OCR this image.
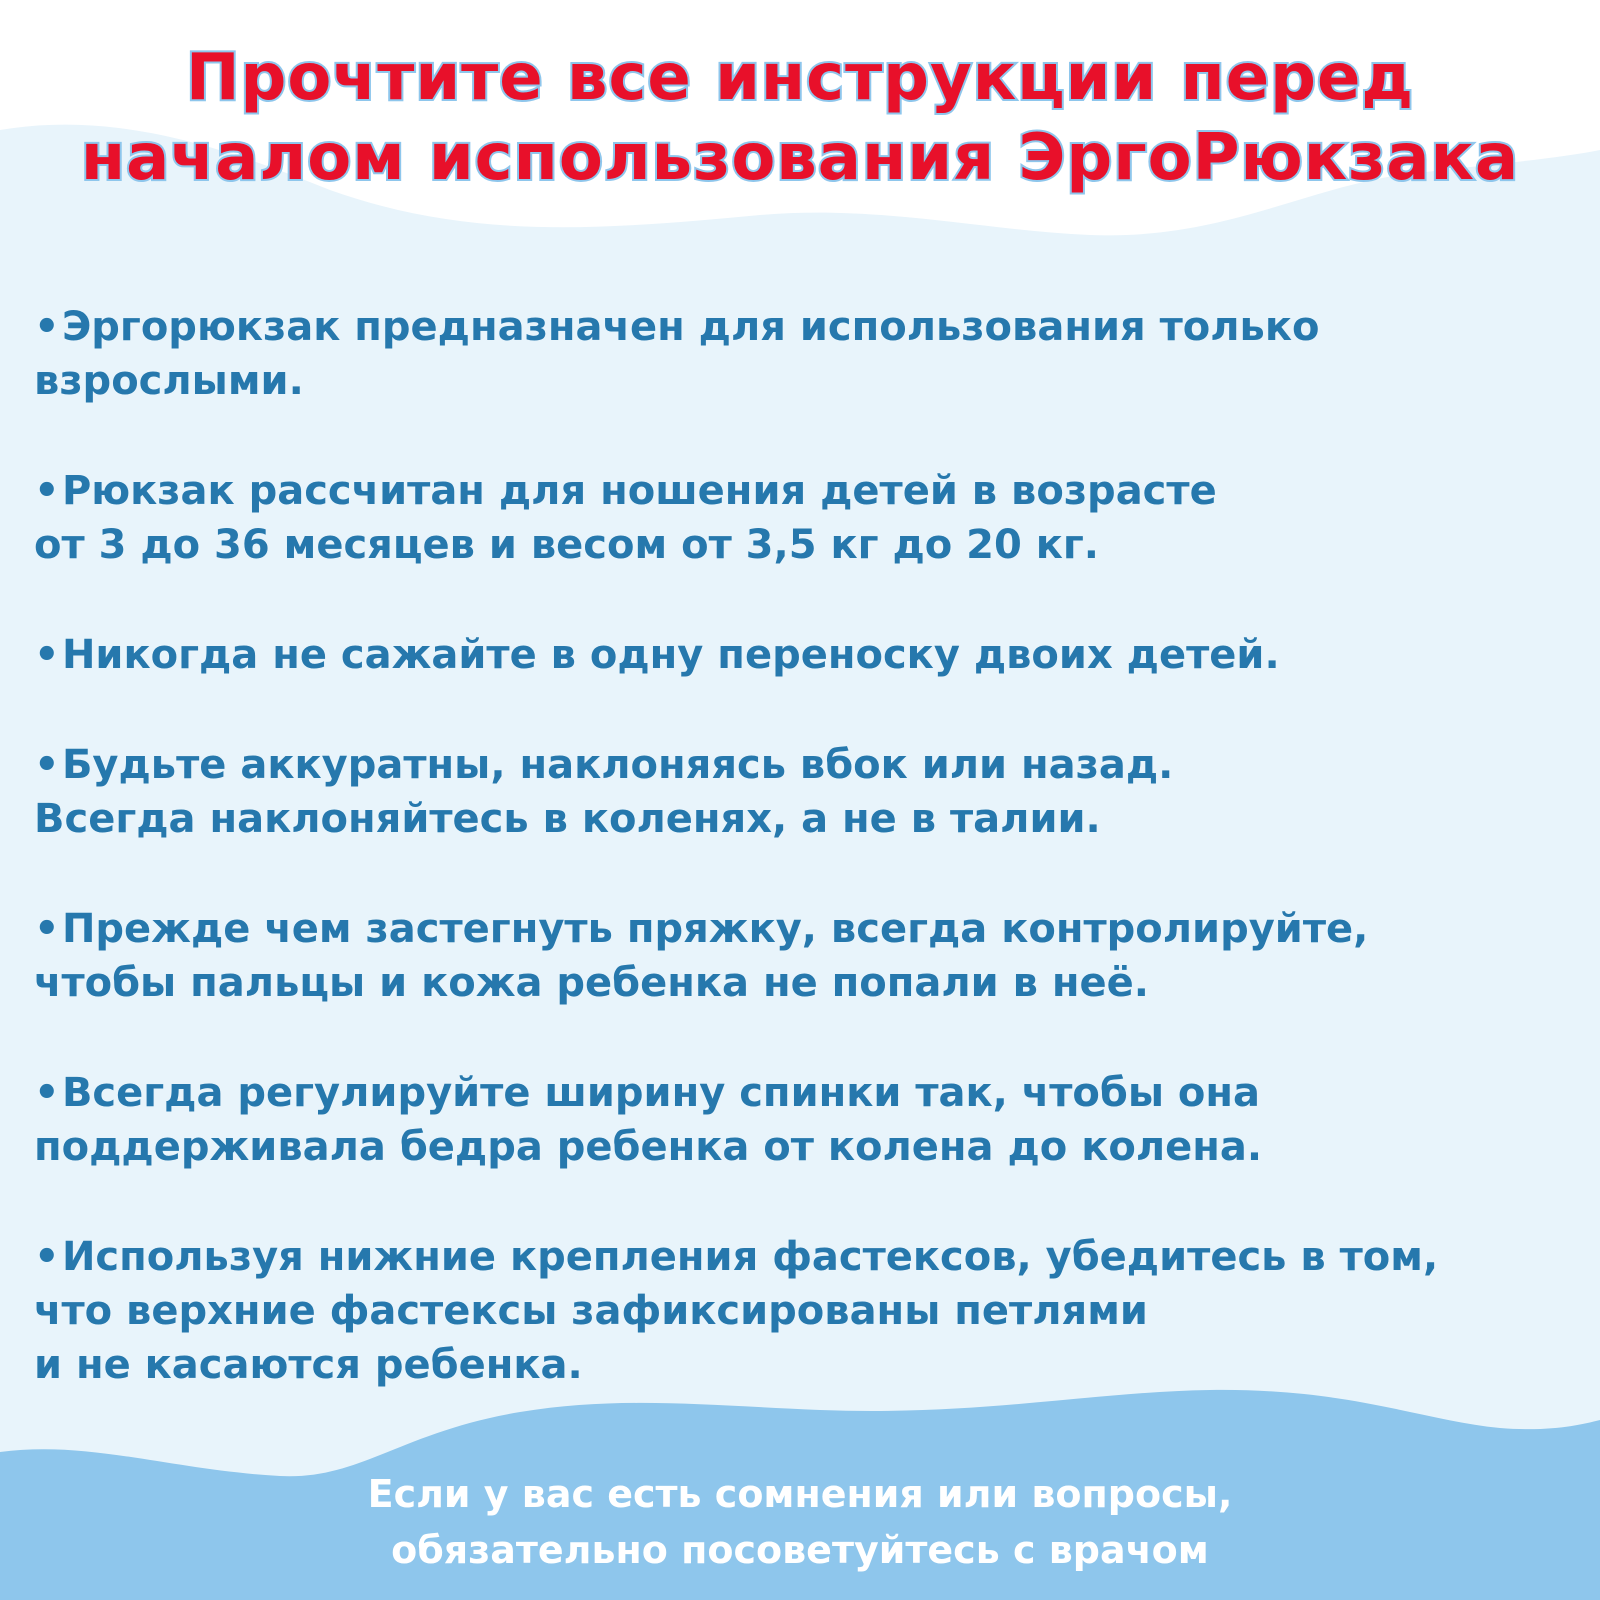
Прочтите все инструкции перед
началом использования ЭргоРюкзака
• Эргорюкзак предназначен для использования только
взрослыми.
• Рюкзак рассчитан для ношения детей в возрасте
от 3 до 36 месяцев и весом от 3,5 кг до 20 кг.
• Никогда не сажайте в одну переноску двоих детей.
• Будьте аккуратны, наклоняясь вбок или назад.
Всегда наклоняйтесь в коленях, а не в талии.
• Прежде чем застегнуть пряжку, всегда контролируйте,
чтобы пальцы и кожа ребенка не попали в неё.
• Всегда регулируйте ширину спинки так, чтобы она
поддерживала бедра ребенка от колена до колена.
• Используя нижние крепления фастексов, убедитесь в том,
что верхние фастексы зафиксированы петлями
и не касаются ребенка.
Если у вас есть сомнения или вопросы,
обязательно посоветуйтесь с врачом
